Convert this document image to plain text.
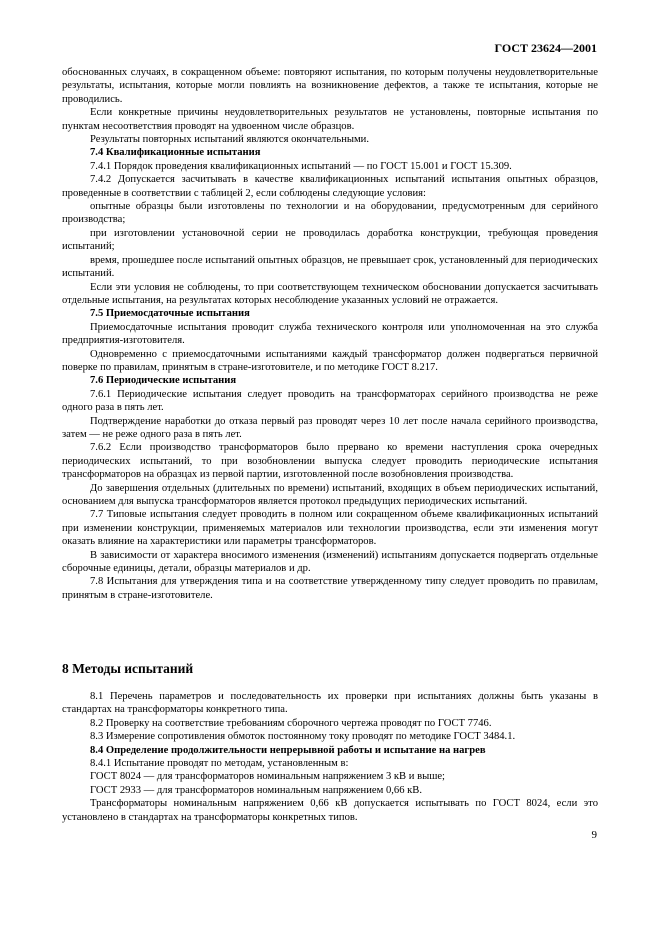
ГОСТ 23624—2001

обоснованных случаях, в сокращенном объеме: повторяют испытания, по которым получены неудовлетворительные результаты, испытания, которые могли повлиять на возникновение дефектов, а также те испытания, которые не проводились.

Если конкретные причины неудовлетворительных результатов не установлены, повторные испытания по пунктам несоответствия проводят на удвоенном числе образцов.

Результаты повторных испытаний являются окончательными.

7.4 Квалификационные испытания

7.4.1 Порядок проведения квалификационных испытаний — по ГОСТ 15.001 и ГОСТ 15.309.

7.4.2 Допускается засчитывать в качестве квалификационных испытаний испытания опытных образцов, проведенные в соответствии с таблицей 2, если соблюдены следующие условия:

опытные образцы были изготовлены по технологии и на оборудовании, предусмотренным для серийного производства;

при изготовлении установочной серии не проводилась доработка конструкции, требующая проведения испытаний;

время, прошедшее после испытаний опытных образцов, не превышает срок, установленный для периодических испытаний.

Если эти условия не соблюдены, то при соответствующем техническом обосновании допускается засчитывать отдельные испытания, на результатах которых несоблюдение указанных условий не отражается.

7.5 Приемосдаточные испытания

Приемосдаточные испытания проводит служба технического контроля или уполномоченная на это служба предприятия-изготовителя.

Одновременно с приемосдаточными испытаниями каждый трансформатор должен подвергаться первичной поверке по правилам, принятым в стране-изготовителе, и по методике ГОСТ 8.217.

7.6 Периодические испытания

7.6.1 Периодические испытания следует проводить на трансформаторах серийного производства не реже одного раза в пять лет.

Подтверждение наработки до отказа первый раз проводят через 10 лет после начала серийного производства, затем — не реже одного раза в пять лет.

7.6.2 Если производство трансформаторов было прервано ко времени наступления срока очередных периодических испытаний, то при возобновлении выпуска следует проводить периодические испытания трансформаторов на образцах из первой партии, изготовленной после возобновления производства.

До завершения отдельных (длительных по времени) испытаний, входящих в объем периодических испытаний, основанием для выпуска трансформаторов является протокол предыдущих периодических испытаний.

7.7 Типовые испытания следует проводить в полном или сокращенном объеме квалификационных испытаний при изменении конструкции, применяемых материалов или технологии производства, если эти изменения могут оказать влияние на характеристики или параметры трансформаторов.

В зависимости от характера вносимого изменения (изменений) испытаниям допускается подвергать отдельные сборочные единицы, детали, образцы материалов и др.

7.8 Испытания для утверждения типа и на соответствие утвержденному типу следует проводить по правилам, принятым в стране-изготовителе.

8 Методы испытаний

8.1 Перечень параметров и последовательность их проверки при испытаниях должны быть указаны в стандартах на трансформаторы конкретного типа.

8.2 Проверку на соответствие требованиям сборочного чертежа проводят по ГОСТ 7746.

8.3 Измерение сопротивления обмоток постоянному току проводят по методике ГОСТ 3484.1.

8.4 Определение продолжительности непрерывной работы и испытание на нагрев

8.4.1 Испытание проводят по методам, установленным в:

ГОСТ 8024 — для трансформаторов номинальным напряжением 3 кВ и выше;

ГОСТ 2933 — для трансформаторов номинальным напряжением 0,66 кВ.

Трансформаторы номинальным напряжением 0,66 кВ допускается испытывать по ГОСТ 8024, если это установлено в стандартах на трансформаторы конкретных типов.

9
